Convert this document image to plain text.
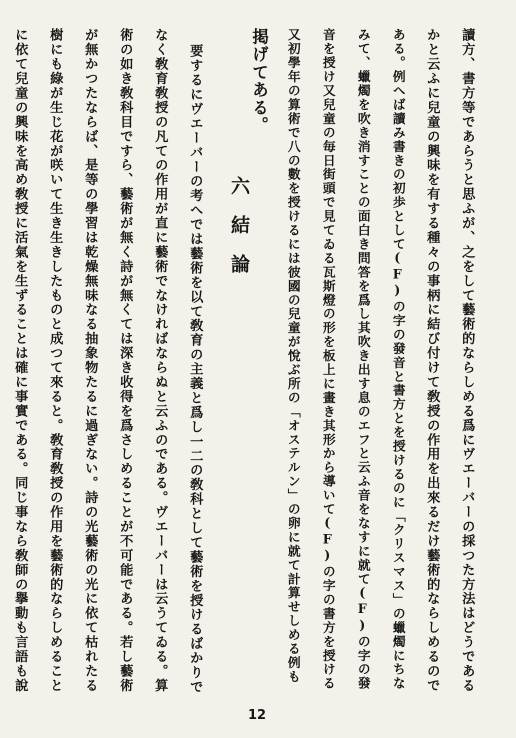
讀方、書方等であらうと思ふが、之をして藝術的ならしめる爲にヴエーバーの採つた方法はどうである
かと云ふに兒童の興味を有する種々の事柄に結び付けて敎授の作用を出來るだけ藝術的ならしめるので
ある。例へば讀み書きの初歩として(F)の字の發音と書方とを授けるのに「クリスマス」の蠟燭にちな
みて、蠟燭を吹き消すことの面白き問答を爲し其吹き出す息のエフと云ふ音をなすに就て(F)の字の發
音を授け又兒童の毎日街頭で見てゐる瓦斯燈の形を板上に畫き其形から導いて(F)の字の書方を授ける
又初學年の算術で八の數を授けるには彼國の兒童が悅ぶ所の「オステルン」の卵に就て計算せしめる例も
掲げてある。
六結論
要するにヴエーバーの考へでは藝術を以て敎育の主義と爲し一二の敎科として藝術を授けるばかりで
なく敎育敎授の凡ての作用が直に藝術でなければならぬと云ふのである。ヴエーバーは云うてゐる。算
術の如き敎科目ですら、藝術が無く詩が無くては深き收得を爲さしめることが不可能である。若し藝術
が無かつたならば、是等の學習は乾燥無味なる抽象物たるに過ぎない。詩の光藝術の光に依て枯れたる
樹にも綠が生じ花が咲いて生き生きしたものと成つて來ると。敎育敎授の作用を藝術的ならしめること
に依て兒童の興味を高め敎授に活氣を生ずることは確に事實である。同じ事なら敎師の擧動も言語も說
12
